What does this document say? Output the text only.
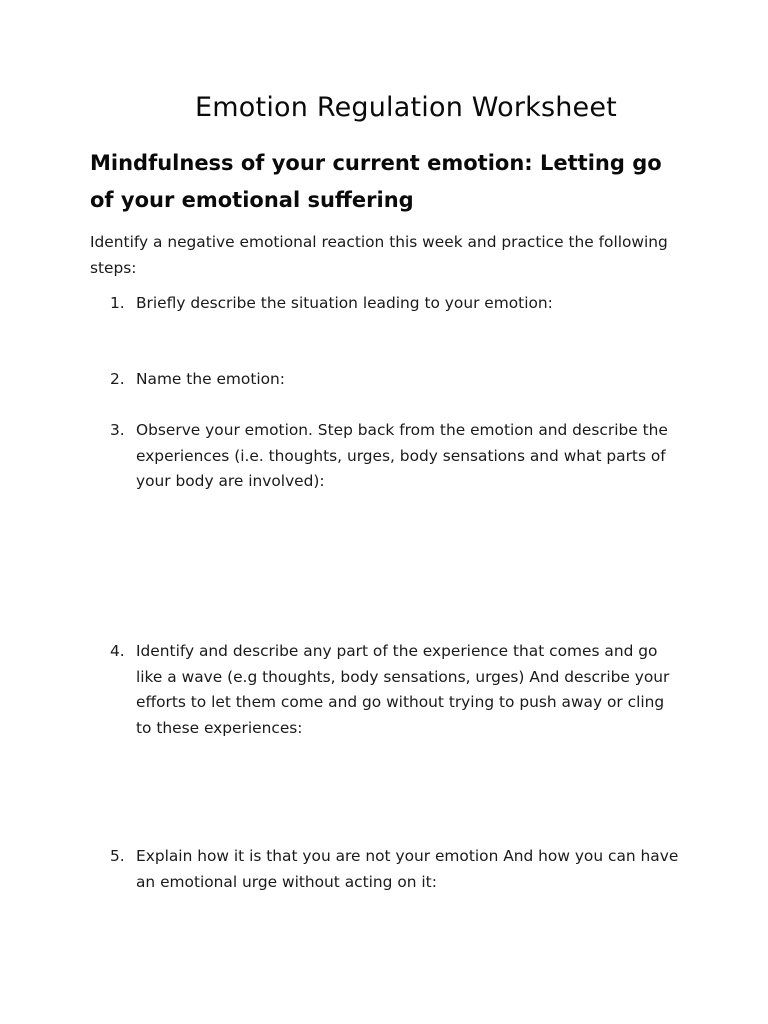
Emotion Regulation Worksheet
Mindfulness of your current emotion: Letting go of your emotional suffering

Identify a negative emotional reaction this week and practice the following steps:

1. Briefly describe the situation leading to your emotion:
2. Name the emotion:
3. Observe your emotion. Step back from the emotion and describe the experiences (i.e. thoughts, urges, body sensations and what parts of your body are involved):
4. Identify and describe any part of the experience that comes and go like a wave (e.g thoughts, body sensations, urges) And describe your efforts to let them come and go without trying to push away or cling to these experiences:
5. Explain how it is that you are not your emotion And how you can have an emotional urge without acting on it:
